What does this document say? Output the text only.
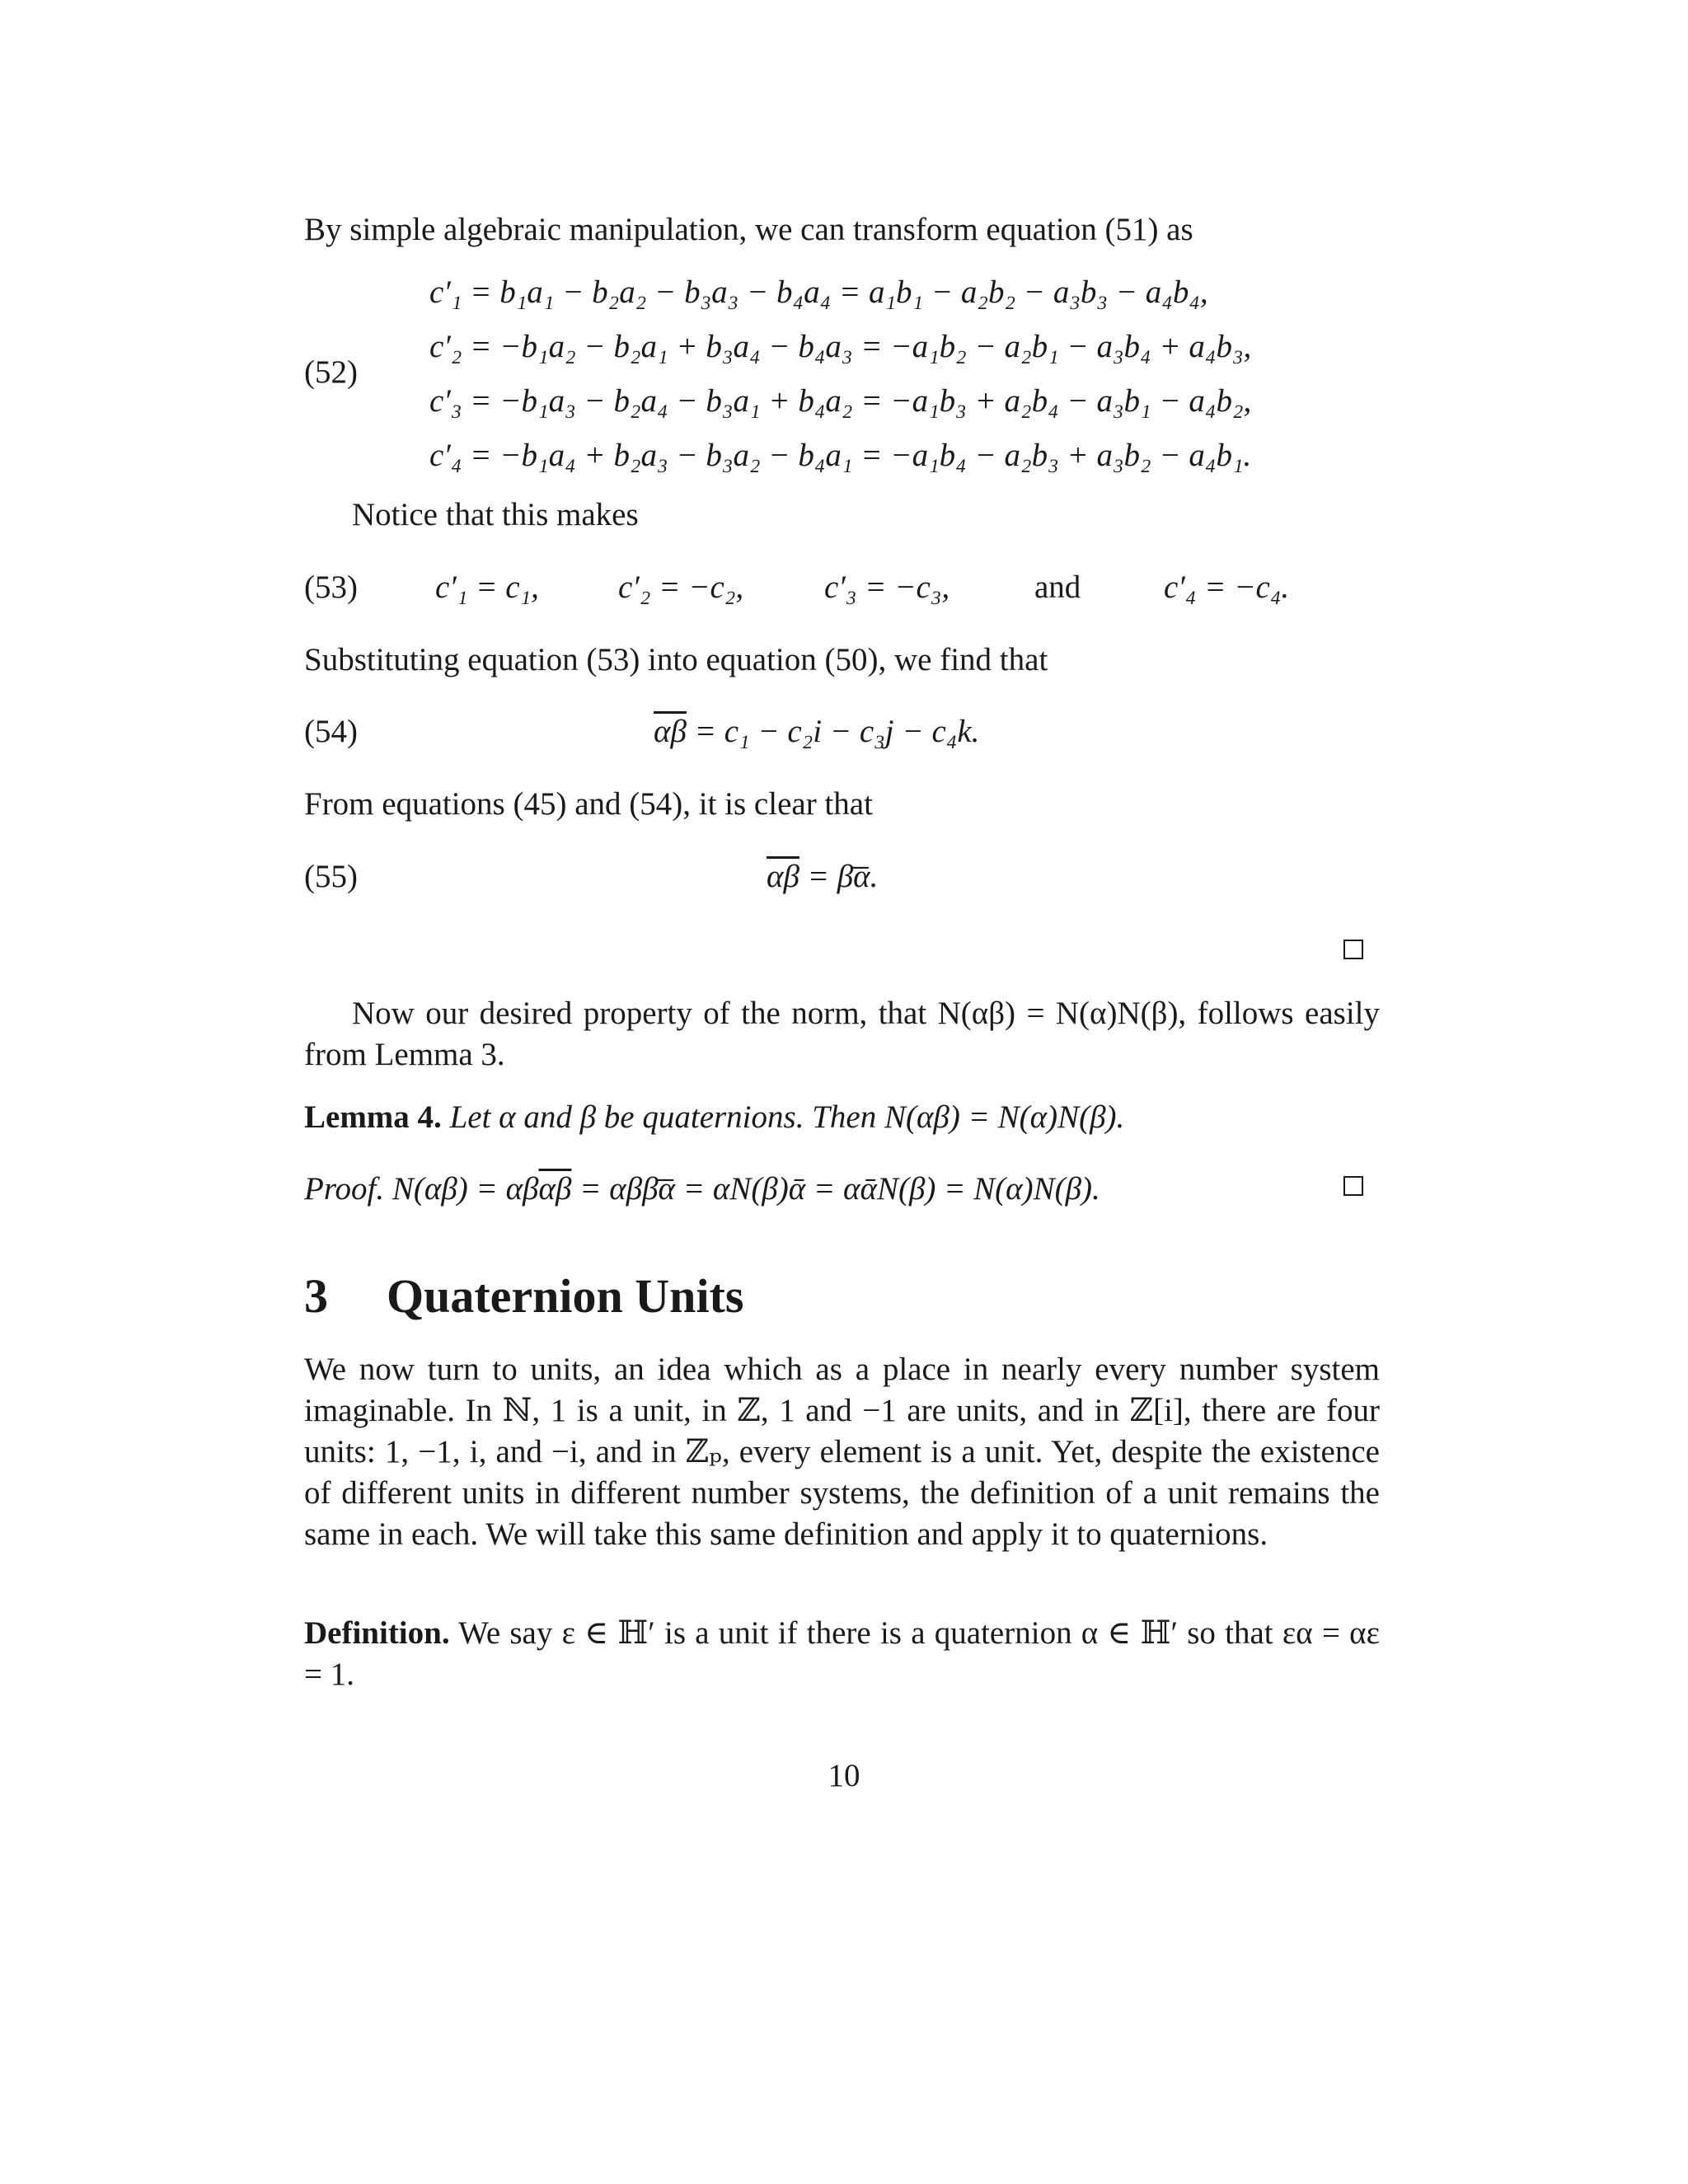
By simple algebraic manipulation, we can transform equation (51) as
(52)
c′₁ = b₁a₁ − b₂a₂ − b₃a₃ − b₄a₄ = a₁b₁ − a₂b₂ − a₃b₃ − a₄b₄,
c′₂ = −b₁a₂ − b₂a₁ + b₃a₄ − b₄a₃ = −a₁b₂ − a₂b₁ − a₃b₄ + a₄b₃,
c′₃ = −b₁a₃ − b₂a₄ − b₃a₁ + b₄a₂ = −a₁b₃ + a₂b₄ − a₃b₁ − a₄b₂,
c′₄ = −b₁a₄ + b₂a₃ − b₃a₂ − b₄a₁ = −a₁b₄ − a₂b₃ + a₃b₂ − a₄b₁.
Notice that this makes
(53) c′₁ = c₁, c′₂ = −c₂,	c′₃ = −c₃,	and	c′₄ = −c₄.
Substituting equation (53) into equation (50), we find that
(54)	$\overline{\alpha\beta} = c_1 - c_2i - c_3j - c_4k$.
From equations (45) and (54), it is clear that
(55)	$\overline{\alpha\beta}$ = β̄ᾱ.
Now our desired property of the norm, that N(αβ) = N(α)N(β), follows easily from Lemma 3.
Lemma 4. Let α and β be quaternions. Then N(αβ) = N(α)N(β).
Proof. $N(\alpha\beta) = \alpha\beta\overline{\alpha\beta}$ = αββ̄ᾱ = αN(β)ᾱ = αᾱN(β) = N(α)N(β).
3 Quaternion Units
We now turn to units, an idea which as a place in nearly every number system imaginable. In ℕ, 1 is a unit, in ℤ, 1 and −1 are units, and in ℤ[i], there are four units: 1, −1, i, and −i, and in ℤₚ, every element is a unit. Yet, despite the existence of different units in different number systems, the definition of a unit remains the same in each. We will take this same definition and apply it to quaternions.
Definition. We say ε ∈ ℍ′ is a unit if there is a quaternion α ∈ ℍ′ so that εα = αε = 1.
10
